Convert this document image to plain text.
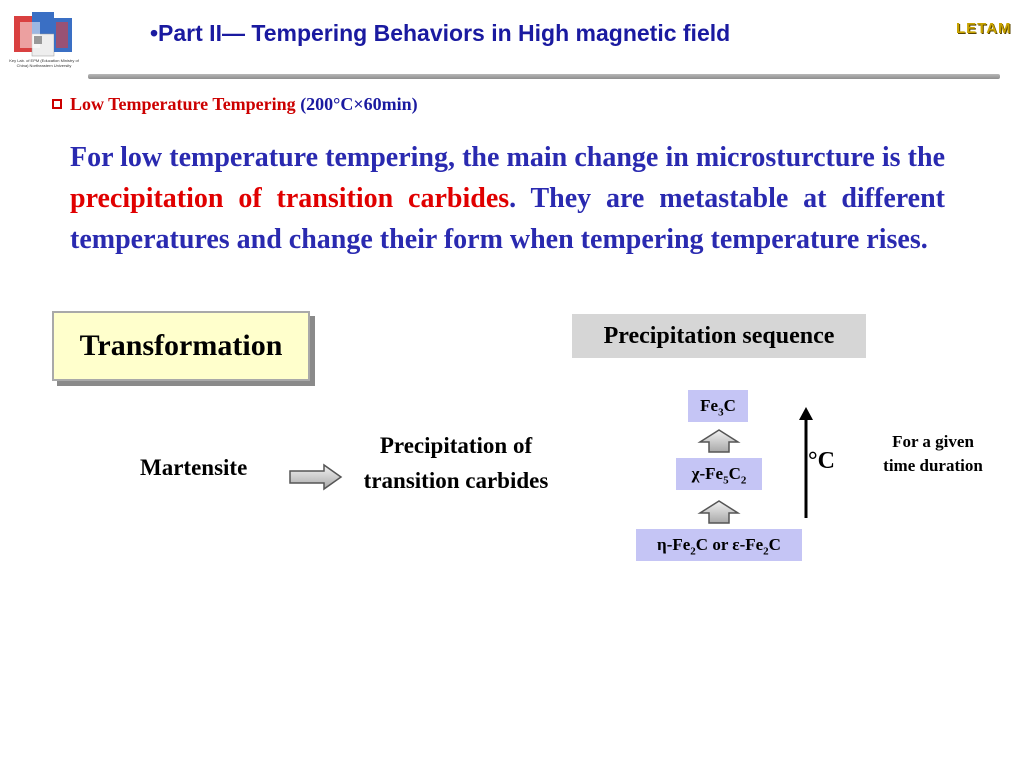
Key Lab. of EPM (Education Ministry of China) Northeastern University
•Part II— Tempering Behaviors in High magnetic field	LETAM
Low Temperature Tempering (200°C×60min)
For low temperature tempering, the main change in microsturcture is the precipitation of transition carbides. They are metastable at different temperatures and change their form when tempering temperature rises.
Transformation	Precipitation sequence
Martensite
Precipitation of transition carbides
$Fe_3C$
$\chi-Fe_5C_2$
$\eta-Fe_2C$ or $\varepsilon-Fe_2C$
°C
For a given time duration
